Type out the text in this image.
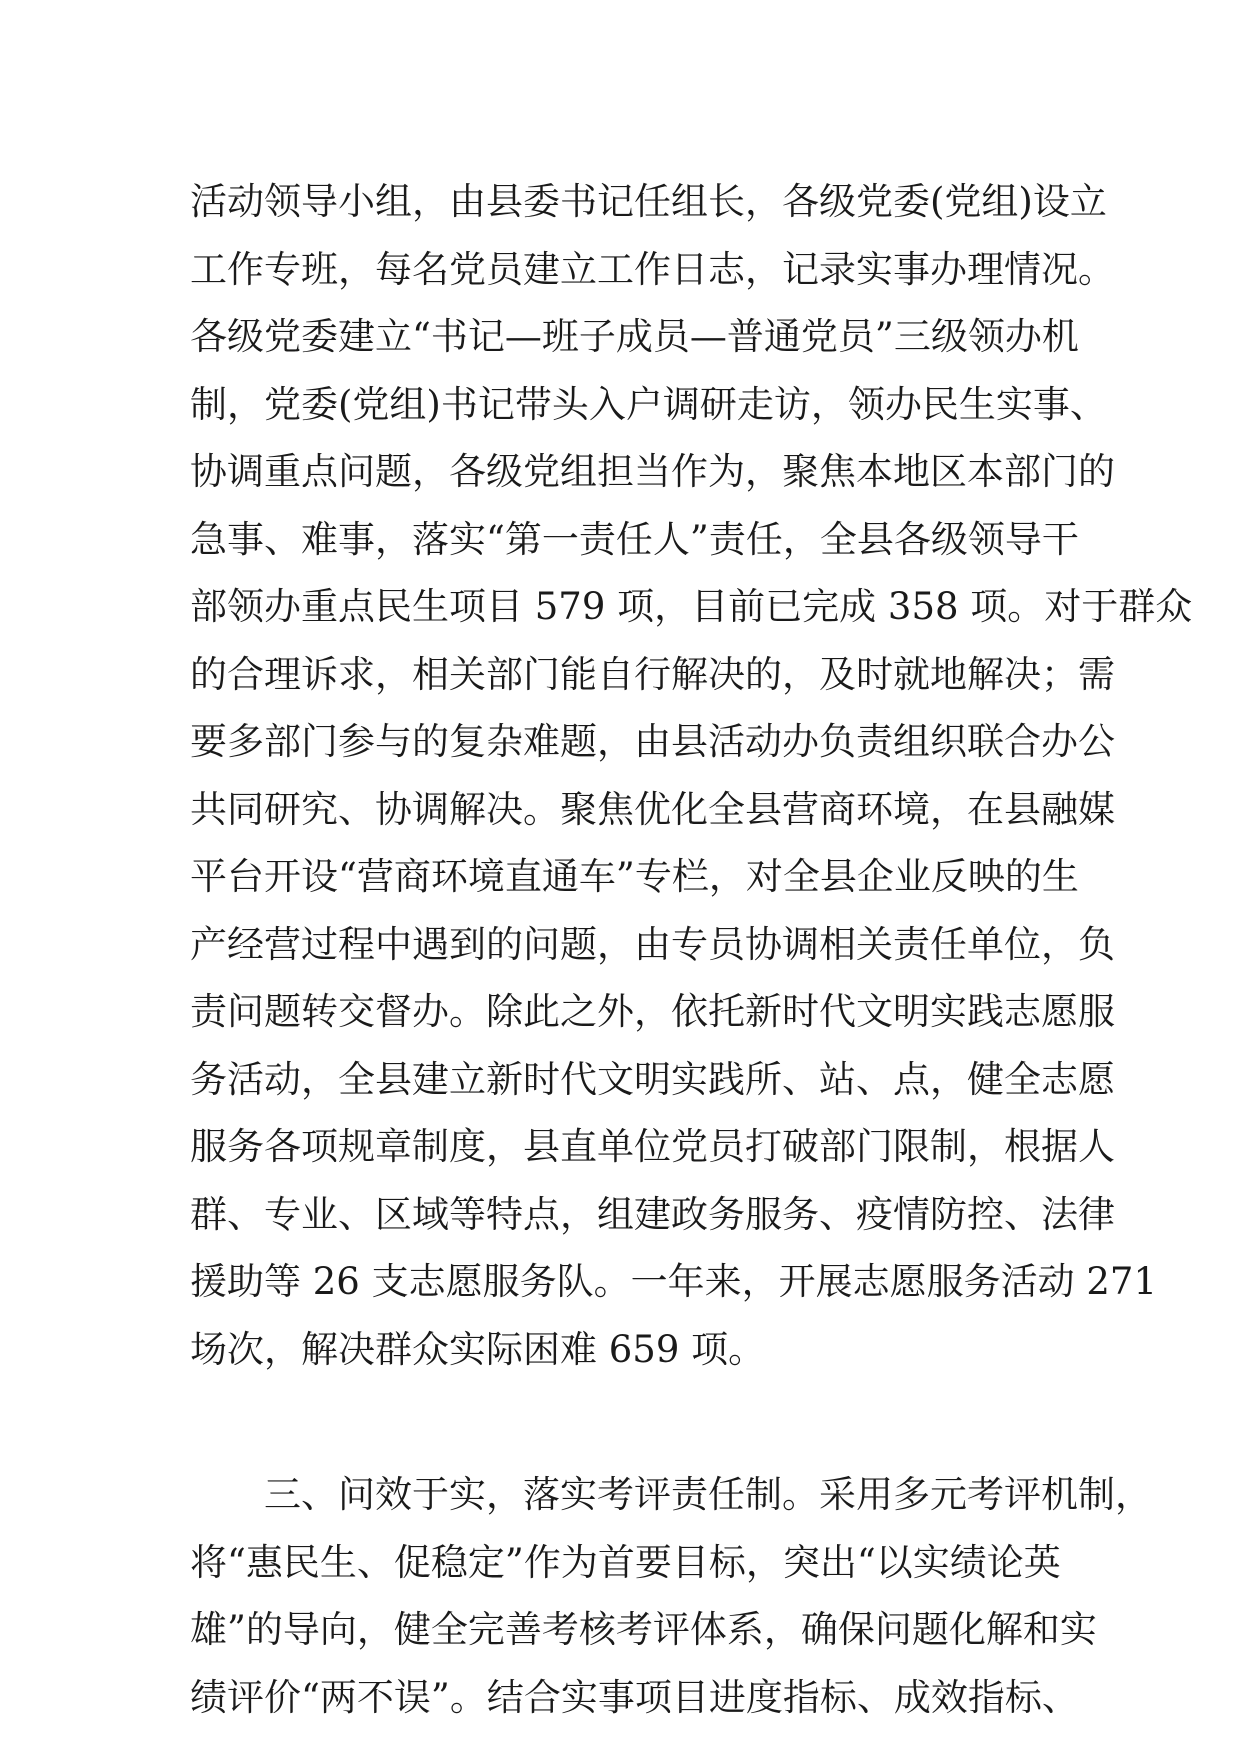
活动领导小组，由县委书记任组长，各级党委(党组)设立
工作专班，每名党员建立工作日志，记录实事办理情况。
各级党委建立“书记—班子成员—普通党员”三级领办机
制，党委(党组)书记带头入户调研走访，领办民生实事、
协调重点问题，各级党组担当作为，聚焦本地区本部门的
急事、难事，落实“第一责任人”责任，全县各级领导干
部领办重点民生项目 579 项，目前已完成 358 项。对于群众
的合理诉求，相关部门能自行解决的，及时就地解决；需
要多部门参与的复杂难题，由县活动办负责组织联合办公
共同研究、协调解决。聚焦优化全县营商环境，在县融媒
平台开设“营商环境直通车”专栏，对全县企业反映的生
产经营过程中遇到的问题，由专员协调相关责任单位，负
责问题转交督办。除此之外，依托新时代文明实践志愿服
务活动，全县建立新时代文明实践所、站、点，健全志愿
服务各项规章制度，县直单位党员打破部门限制，根据人
群、专业、区域等特点，组建政务服务、疫情防控、法律
援助等 26 支志愿服务队。一年来，开展志愿服务活动 271
场次，解决群众实际困难 659 项。
三、问效于实，落实考评责任制。采用多元考评机制，
将“惠民生、促稳定”作为首要目标，突出“以实绩论英
雄”的导向，健全完善考核考评体系，确保问题化解和实
绩评价“两不误”。结合实事项目进度指标、成效指标、
